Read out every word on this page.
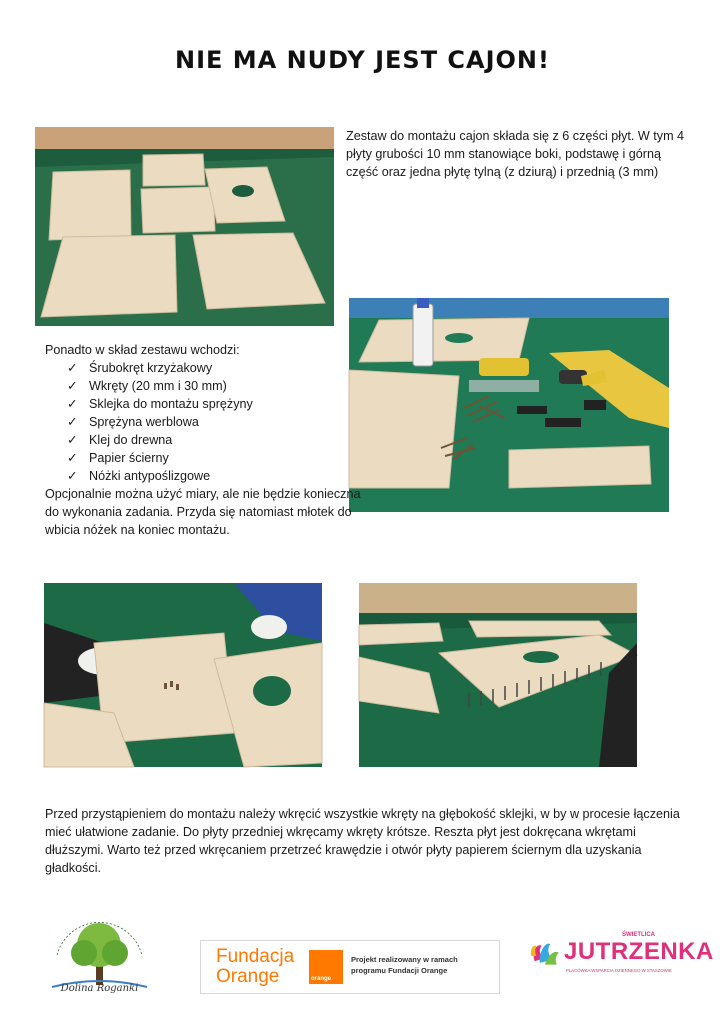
NIE MA NUDY JEST CAJON!
Zestaw do montażu cajon składa się z 6 części płyt. W tym 4 płyty grubości 10 mm stanowiące boki, podstawę i górną część oraz jedna płytę tylną (z dziurą) i przednią (3 mm)
Ponadto w skład zestawu wchodzi:
✓ Śrubokręt krzyżakowy
✓ Wkręty (20 mm i 30 mm)
✓ Sklejka do montażu sprężyny
✓ Sprężyna werblowa
✓ Klej do drewna
✓ Papier ścierny
✓ Nóżki antypoślizgowe
Opcjonalnie można użyć miary, ale nie będzie konieczna do wykonania zadania. Przyda się natomiast młotek do wbicia nóżek na koniec montażu.
Przed przystąpieniem do montażu należy wkręcić wszystkie wkręty na głębokość sklejki, w by w procesie łączenia mieć ułatwione zadanie. Do płyty przedniej wkręcamy wkręty krótsze. Reszta płyt jest dokręcana wkrętami dłuższymi. Warto też przed wkręcaniem przetrzeć krawędzie i otwór płyty papierem ściernym dla uzyskania gładkości.
Dolina Roganki
Fundacja
Orange	orange
Projekt realizowany w ramach
programu Fundacji Orange
ŚWIETLICA
JUTRZENKA
PLACÓWKA WSPARCIA DZIENNEGO W STASZOWIE
